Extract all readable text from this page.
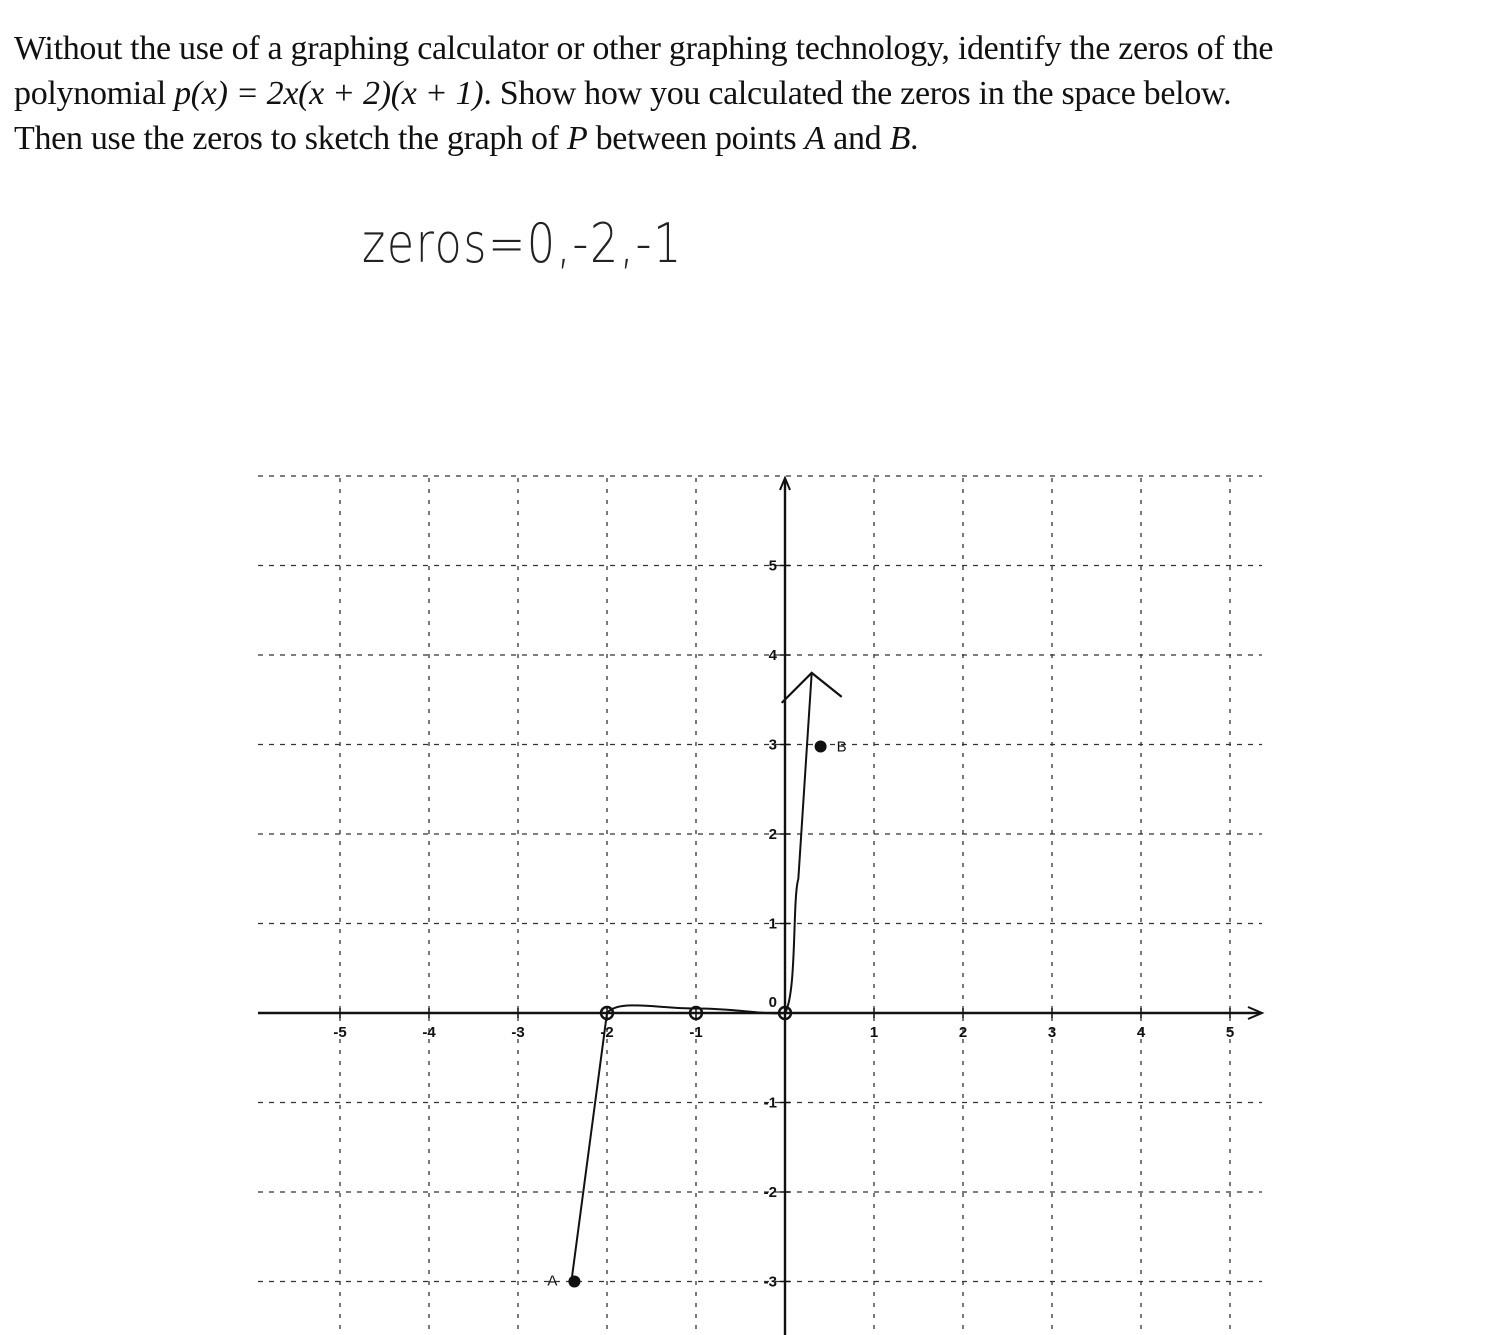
Without the use of a graphing calculator or other graphing technology, identify the zeros of the
polynomial p(x) = 2x(x + 2)(x + 1). Show how you calculated the zeros in the space below.
Then use the zeros to sketch the graph of P between points A and B.
zeros=0,-2,-1
-5	-4	-3	-2	-1	1	2	3	4	5
5
4
3
2
1
-1
-2
-3
0
A
B
